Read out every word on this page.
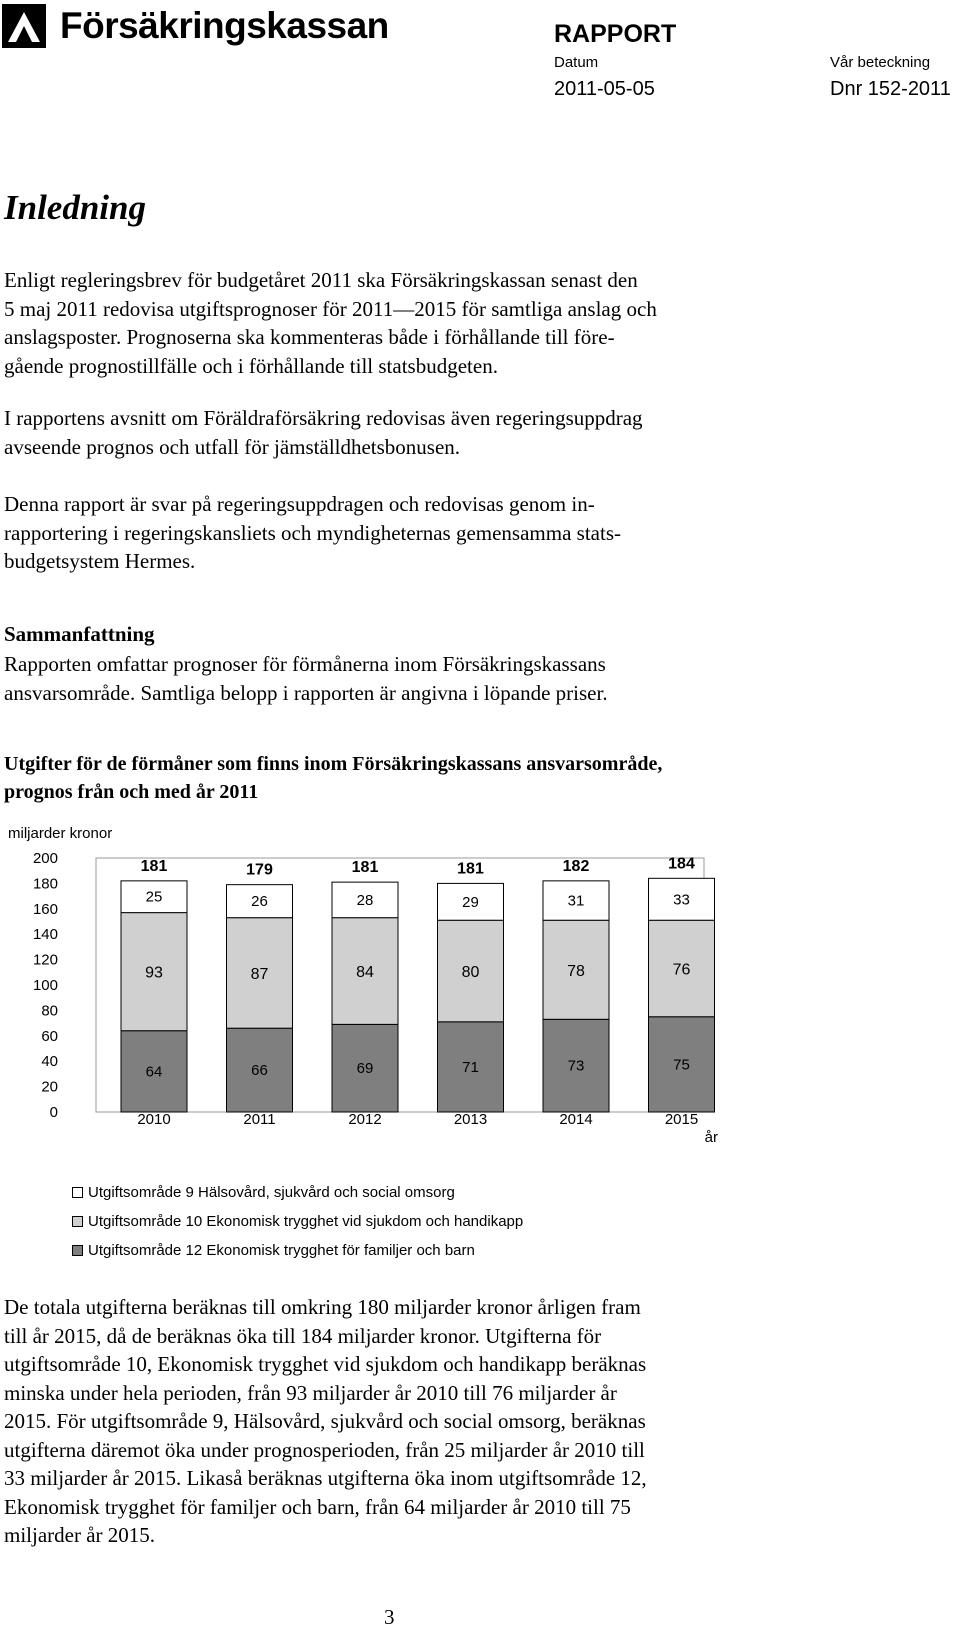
Försäkringskassan	RAPPORT
Datum	Vår beteckning
2011-05-05	Dnr 152-2011
Inledning

Enligt regleringsbrev för budgetåret 2011 ska Försäkringskassan senast den
5 maj 2011 redovisa utgiftsprognoser för 2011—2015 för samtliga anslag och
anslagsposter. Prognoserna ska kommenteras både i förhållande till före-
gående prognostillfälle och i förhållande till statsbudgeten.

I rapportens avsnitt om Föräldraförsäkring redovisas även regeringsuppdrag
avseende prognos och utfall för jämställdhetsbonusen.

Denna rapport är svar på regeringsuppdragen och redovisas genom in-
rapportering i regeringskansliets och myndigheternas gemensamma stats-
budgetsystem Hermes.

Sammanfattning

Rapporten omfattar prognoser för förmånerna inom Försäkringskassans
ansvarsområde. Samtliga belopp i rapporten är angivna i löpande priser.

Utgifter för de förmåner som finns inom Försäkringskassans ansvarsområde,
prognos från och med år 2011
miljarder kronor
0
20
40
60
80
100
120
140
160
180
200
64
93
25
181
2010
66
87
26
179
2011
69
84
28
181
2012
71
80
29
181
2013
73
78
31
182
2014
75
76
33
184
2015
år
Utgiftsområde 9 Hälsovård, sjukvård och social omsorg
Utgiftsområde 10 Ekonomisk trygghet vid sjukdom och handikapp
Utgiftsområde 12 Ekonomisk trygghet för familjer och barn

De totala utgifterna beräknas till omkring 180 miljarder kronor årligen fram
till år 2015, då de beräknas öka till 184 miljarder kronor. Utgifterna för
utgiftsområde 10, Ekonomisk trygghet vid sjukdom och handikapp beräknas
minska under hela perioden, från 93 miljarder år 2010 till 76 miljarder år
2015. För utgiftsområde 9, Hälsovård, sjukvård och social omsorg, beräknas
utgifterna däremot öka under prognosperioden, från 25 miljarder år 2010 till
33 miljarder år 2015. Likaså beräknas utgifterna öka inom utgiftsområde 12,
Ekonomisk trygghet för familjer och barn, från 64 miljarder år 2010 till 75
miljarder år 2015.

3
